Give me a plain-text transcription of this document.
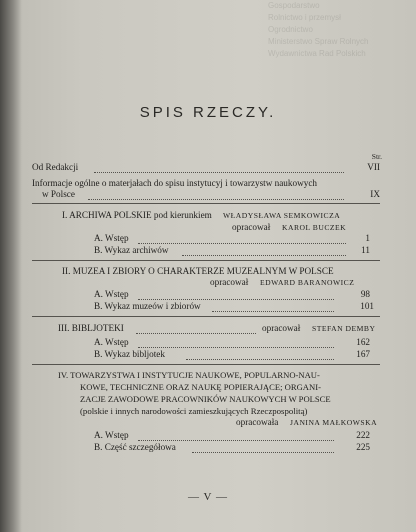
Gospodarstwo
Rolnictwo i przemysł
Ogrodnictwo
Ministerstwo Spraw Rolnych
Wydawnictwa Rad Polskich
SPIS RZECZY.
Str.
Od Redakcji	VII
Informacje ogólne o materjałach do spisu instytucyj i towarzystw naukowych
w Polsce	IX
I. ARCHIWA POLSKIE pod kierunkiem WŁADYSŁAWA SEMKOWICZA
opracował KAROL BUCZEK
A. Wstęp	1
B. Wykaz archiwów	11
II. MUZEA I ZBIORY O CHARAKTERZE MUZEALNYM W POLSCE
opracował EDWARD BARANOWICZ
A. Wstęp	98
B. Wykaz muzeów i zbiorów	101
III. BIBLJOTEKI	opracował STEFAN DEMBY
A. Wstęp	162
B. Wykaz bibljotek	167
IV. TOWARZYSTWA I INSTYTUCJE NAUKOWE, POPULARNO-NAU-
KOWE, TECHNICZNE ORAZ NAUKĘ POPIERAJĄCE; ORGANI-
ZACJE ZAWODOWE PRACOWNIKÓW NAUKOWYCH W POLSCE
(polskie i innych narodowości zamieszkujących Rzeczpospolitą)
opracowała JANINA MAŁKOWSKA
A. Wstęp	222
B. Część szczegółowa	225
— V —
